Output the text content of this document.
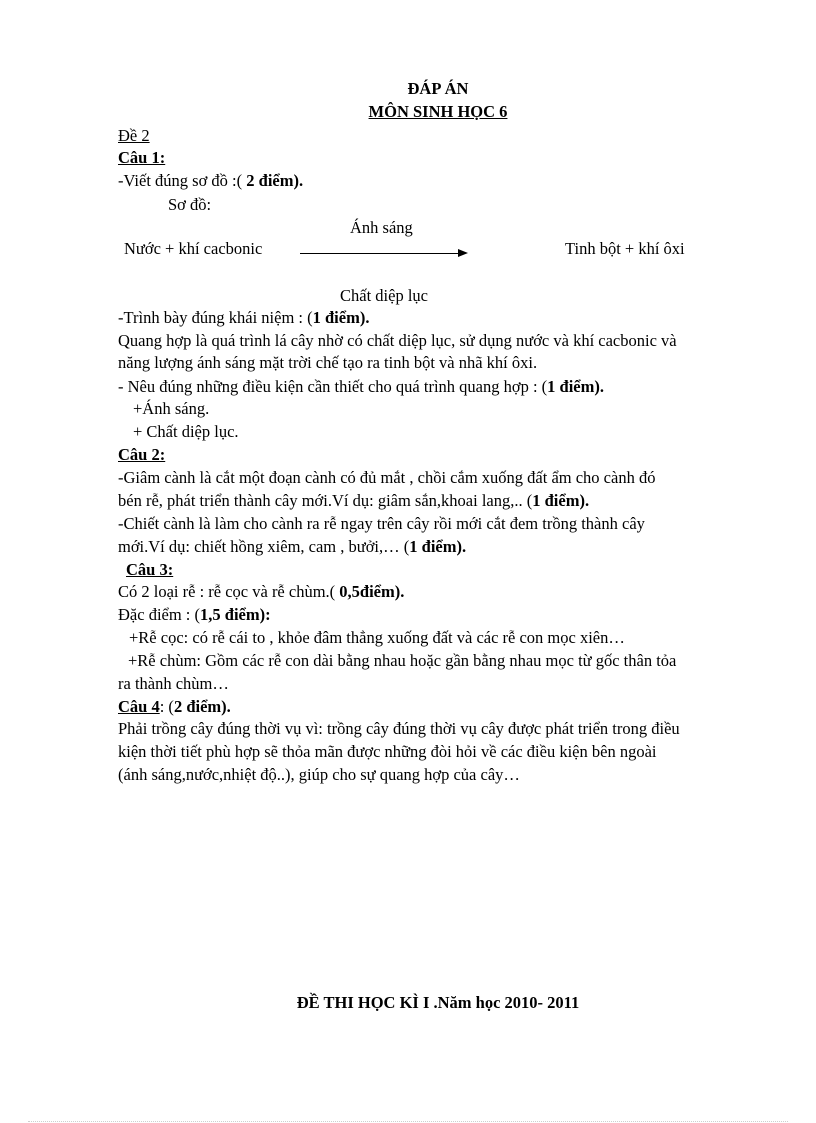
ĐÁP ÁN
MÔN SINH HỌC 6
Đề 2
Câu 1:
-Viết đúng sơ đồ :( 2 điểm).
Sơ đồ:
Ánh sáng
Nước + khí cacbonic	Tinh bột + khí ôxi
Chất diệp lục
-Trình bày đúng khái niệm : (1 điểm).
Quang hợp là quá trình lá cây nhờ có chất diệp lục, sử dụng nước và khí cacbonic và
năng lượng ánh sáng mặt trời chế tạo ra tinh bột và nhã khí ôxi.
- Nêu đúng những điều kiện cần thiết cho quá trình quang hợp : (1 điểm).
+Ánh sáng.
+ Chất diệp lục.
Câu 2:
-Giâm cành là cắt một đoạn cành có đủ mắt , chồi cắm xuống đất ẩm cho cành đó
bén rễ, phát triển thành cây mới.Ví dụ: giâm sắn,khoai lang,.. (1 điểm).
-Chiết cành là làm cho cành ra rễ ngay trên cây rồi mới cắt đem trồng thành cây
mới.Ví dụ: chiết hồng xiêm, cam , bưởi,… (1 điểm).
Câu 3:
Có 2 loại rễ : rễ cọc và rễ chùm.( 0,5điểm).
Đặc điểm : (1,5 điểm):
+Rễ cọc: có rễ cái to , khỏe đâm thẳng xuống đất và các rễ con mọc xiên…
+Rễ chùm: Gồm các rễ con dài bằng nhau hoặc gần bằng nhau mọc từ gốc thân tỏa
ra thành chùm…
Câu 4: (2 điểm).
Phải trồng cây đúng thời vụ vì: trồng cây đúng thời vụ cây được phát triển trong điều
kiện thời tiết phù hợp sẽ thỏa mãn được những đòi hỏi về các điều kiện bên ngoài
(ánh sáng,nước,nhiệt độ..), giúp cho sự quang hợp của cây…
ĐỀ THI HỌC KÌ I .Năm học 2010- 2011
